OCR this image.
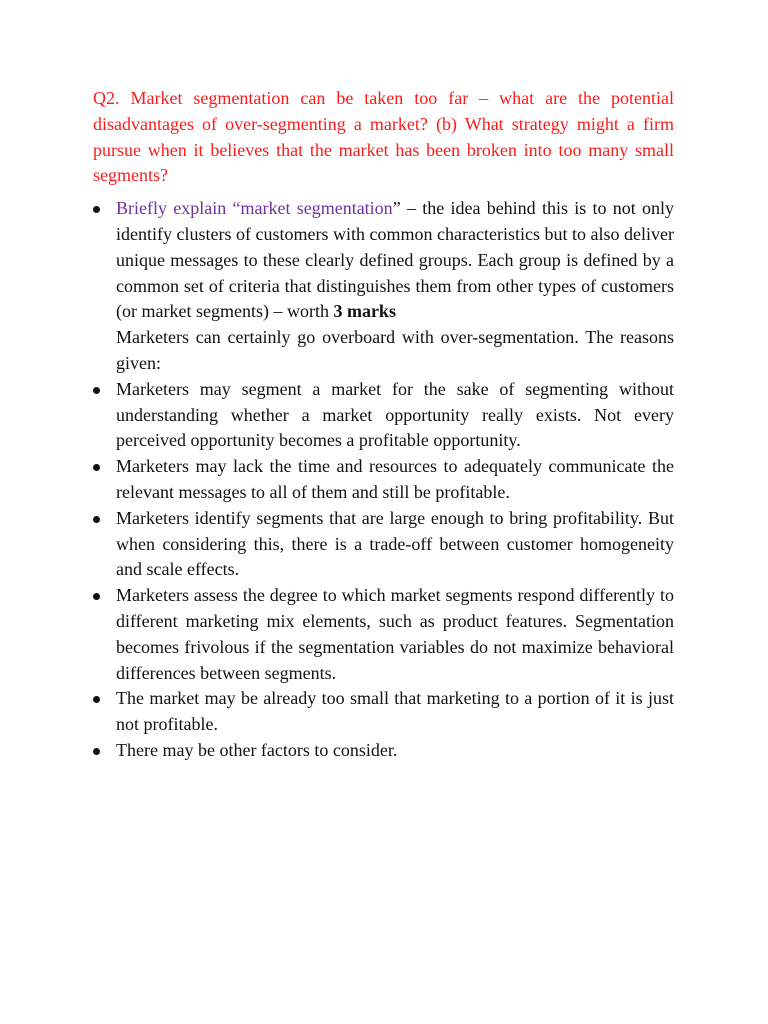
Q2. Market segmentation can be taken too far – what are the potential disadvantages of over-segmenting a market? (b) What strategy might a firm pursue when it believes that the market has been broken into too many small segments?

Briefly explain “market segmentation” – the idea behind this is to not only identify clusters of customers with common characteristics but to also deliver unique messages to these clearly defined groups. Each group is defined by a common set of criteria that distinguishes them from other types of customers (or market segments) – worth 3 marks

Marketers can certainly go overboard with over-segmentation. The reasons given:

Marketers may segment a market for the sake of segmenting without understanding whether a market opportunity really exists. Not every perceived opportunity becomes a profitable opportunity.
Marketers may lack the time and resources to adequately communicate the relevant messages to all of them and still be profitable.
Marketers identify segments that are large enough to bring profitability. But when considering this, there is a trade-off between customer homogeneity and scale effects.
Marketers assess the degree to which market segments respond differently to different marketing mix elements, such as product features. Segmentation becomes frivolous if the segmentation variables do not maximize behavioral differences between segments.
The market may be already too small that marketing to a portion of it is just not profitable.
There may be other factors to consider.
